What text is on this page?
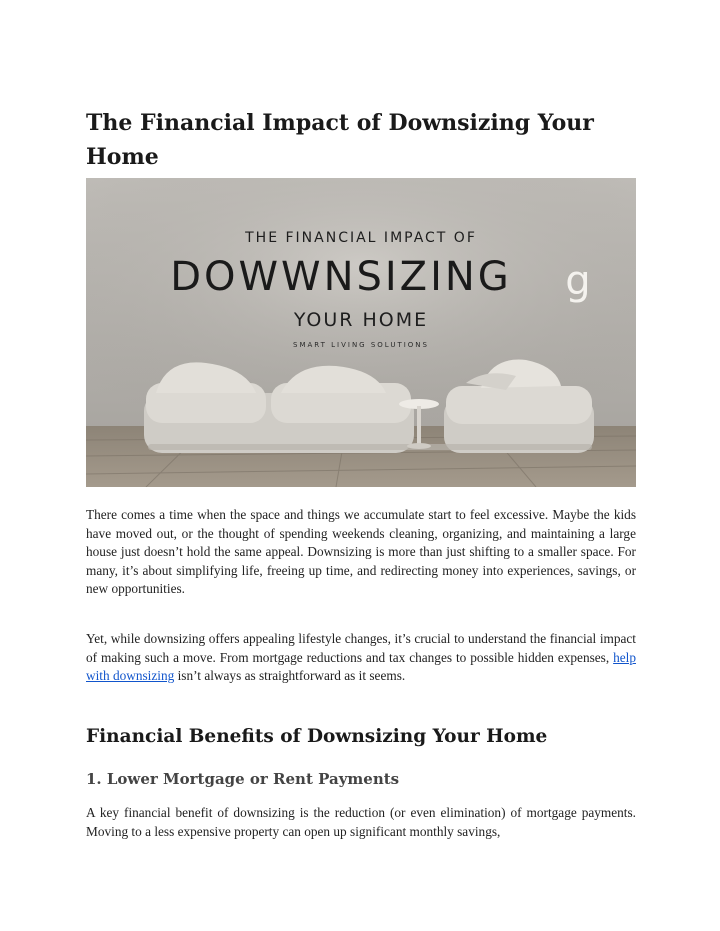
The Financial Impact of Downsizing Your Home
THE FINANCIAL IMPACT OF
DOWWNSIZING g
YOUR HOME
SMART LIVING SOLUTIONS

There comes a time when the space and things we accumulate start to feel excessive. Maybe the kids have moved out, or the thought of spending weekends cleaning, organizing, and maintaining a large house just doesn’t hold the same appeal. Downsizing is more than just shifting to a smaller space. For many, it’s about simplifying life, freeing up time, and redirecting money into experiences, savings, or new opportunities.

Yet, while downsizing offers appealing lifestyle changes, it’s crucial to understand the financial impact of making such a move. From mortgage reductions and tax changes to possible hidden expenses, help with downsizing isn’t always as straightforward as it seems.

Financial Benefits of Downsizing Your Home
1. Lower Mortgage or Rent Payments

A key financial benefit of downsizing is the reduction (or even elimination) of mortgage payments. Moving to a less expensive property can open up significant monthly savings,
